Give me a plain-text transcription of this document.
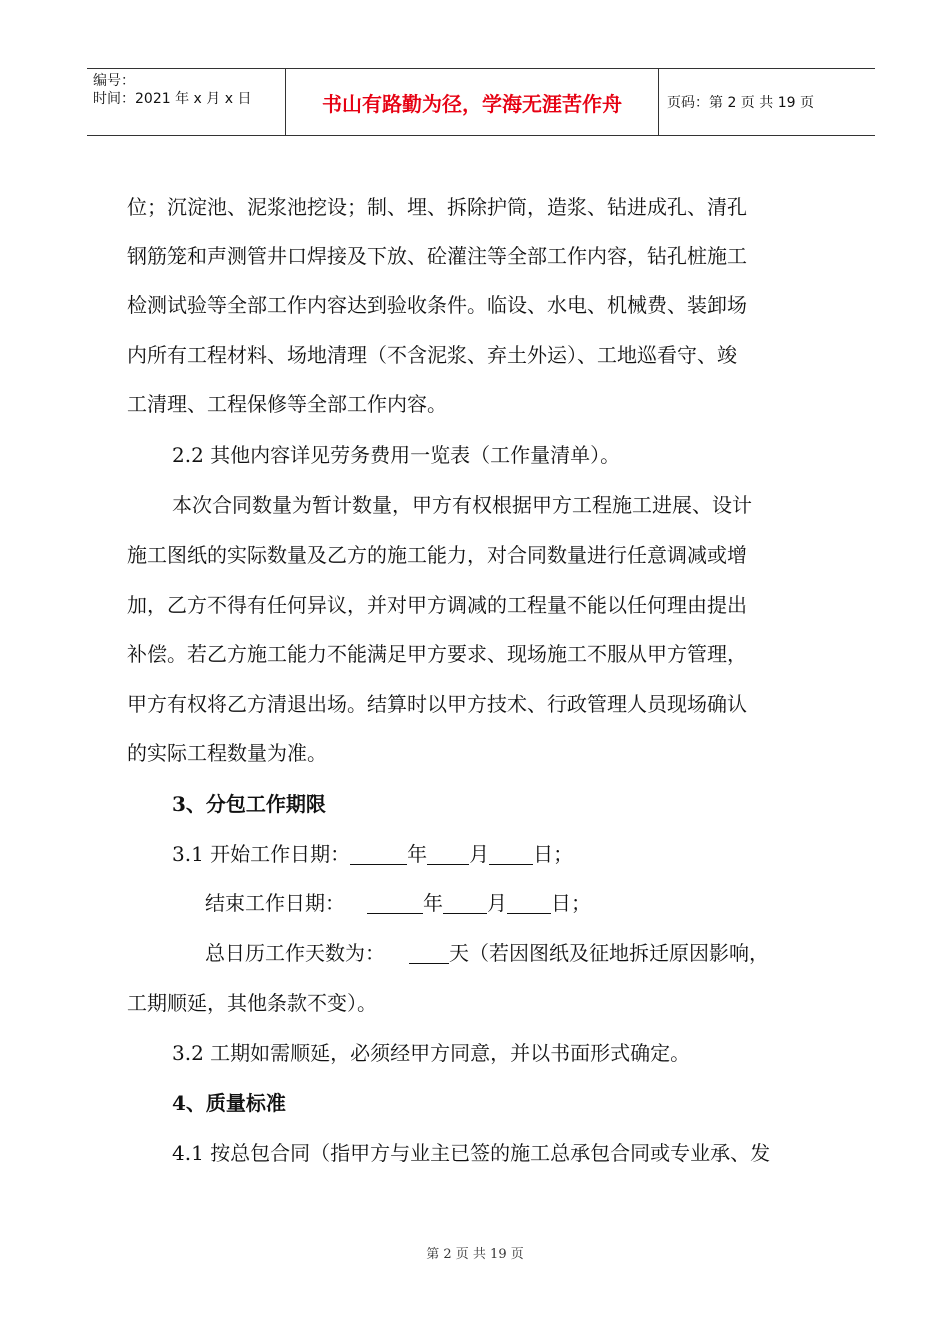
编号：
时间：2021 年 x 月 x 日	书山有路勤为径，学海无涯苦作舟	页码：第 2 页 共 19 页
位；沉淀池、泥浆池挖设；制、埋、拆除护筒，造浆、钻进成孔、清孔
钢筋笼和声测管井口焊接及下放、砼灌注等全部工作内容，钻孔桩施工
检测试验等全部工作内容达到验收条件。临设、水电、机械费、装卸场
内所有工程材料、场地清理（不含泥浆、弃土外运）、工地巡看守、竣
工清理、工程保修等全部工作内容。
2.2 其他内容详见劳务费用一览表（工作量清单）。
本次合同数量为暂计数量，甲方有权根据甲方工程施工进展、设计
施工图纸的实际数量及乙方的施工能力，对合同数量进行任意调减或增
加，乙方不得有任何异议，并对甲方调减的工程量不能以任何理由提出
补偿。若乙方施工能力不能满足甲方要求、现场施工不服从甲方管理，
甲方有权将乙方清退出场。结算时以甲方技术、行政管理人员现场确认
的实际工程数量为准。
3、分包工作期限
3.1 开始工作日期：	年 月 日；
结束工作日期：	年 月 日；
总日历工作天数为：	天（若因图纸及征地拆迁原因影响，
工期顺延，其他条款不变）。
3.2 工期如需顺延，必须经甲方同意，并以书面形式确定。
4、质量标准
4.1 按总包合同（指甲方与业主已签的施工总承包合同或专业承、发
第 2 页 共 19 页
